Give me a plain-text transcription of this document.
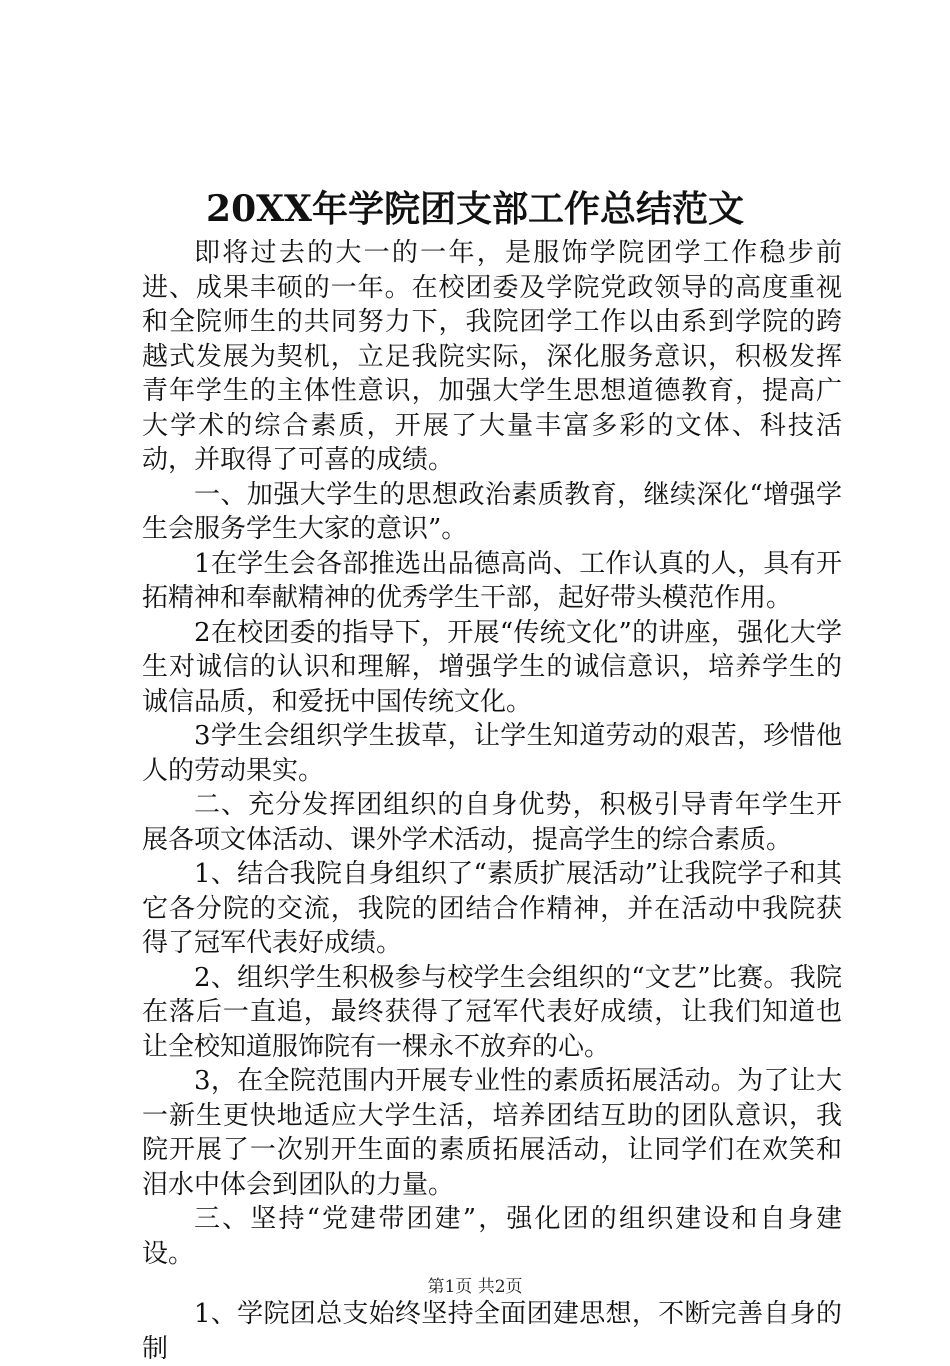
20XX年学院团支部工作总结范文

即将过去的大一的一年，是服饰学院团学工作稳步前进、成果丰硕的一年。在校团委及学院党政领导的高度重视和全院师生的共同努力下，我院团学工作以由系到学院的跨越式发展为契机，立足我院实际，深化服务意识，积极发挥青年学生的主体性意识，加强大学生思想道德教育，提高广大学术的综合素质，开展了大量丰富多彩的文体、科技活动，并取得了可喜的成绩。

一、加强大学生的思想政治素质教育，继续深化“增强学生会服务学生大家的意识”。

1在学生会各部推选出品德高尚、工作认真的人，具有开拓精神和奉献精神的优秀学生干部，起好带头模范作用。

2在校团委的指导下，开展“传统文化”的讲座，强化大学生对诚信的认识和理解，增强学生的诚信意识，培养学生的诚信品质，和爱抚中国传统文化。

3学生会组织学生拔草，让学生知道劳动的艰苦，珍惜他人的劳动果实。

二、充分发挥团组织的自身优势，积极引导青年学生开展各项文体活动、课外学术活动，提高学生的综合素质。

1、结合我院自身组织了“素质扩展活动”让我院学子和其它各分院的交流，我院的团结合作精神，并在活动中我院获得了冠军代表好成绩。

2、组织学生积极参与校学生会组织的“文艺”比赛。我院在落后一直追，最终获得了冠军代表好成绩，让我们知道也让全校知道服饰院有一棵永不放弃的心。

3，在全院范围内开展专业性的素质拓展活动。为了让大一新生更快地适应大学生活，培养团结互助的团队意识，我院开展了一次别开生面的素质拓展活动，让同学们在欢笑和泪水中体会到团队的力量。

三、坚持“党建带团建”，强化团的组织建设和自身建设。

1、学院团总支始终坚持全面团建思想，不断完善自身的制

第1页 共2页
